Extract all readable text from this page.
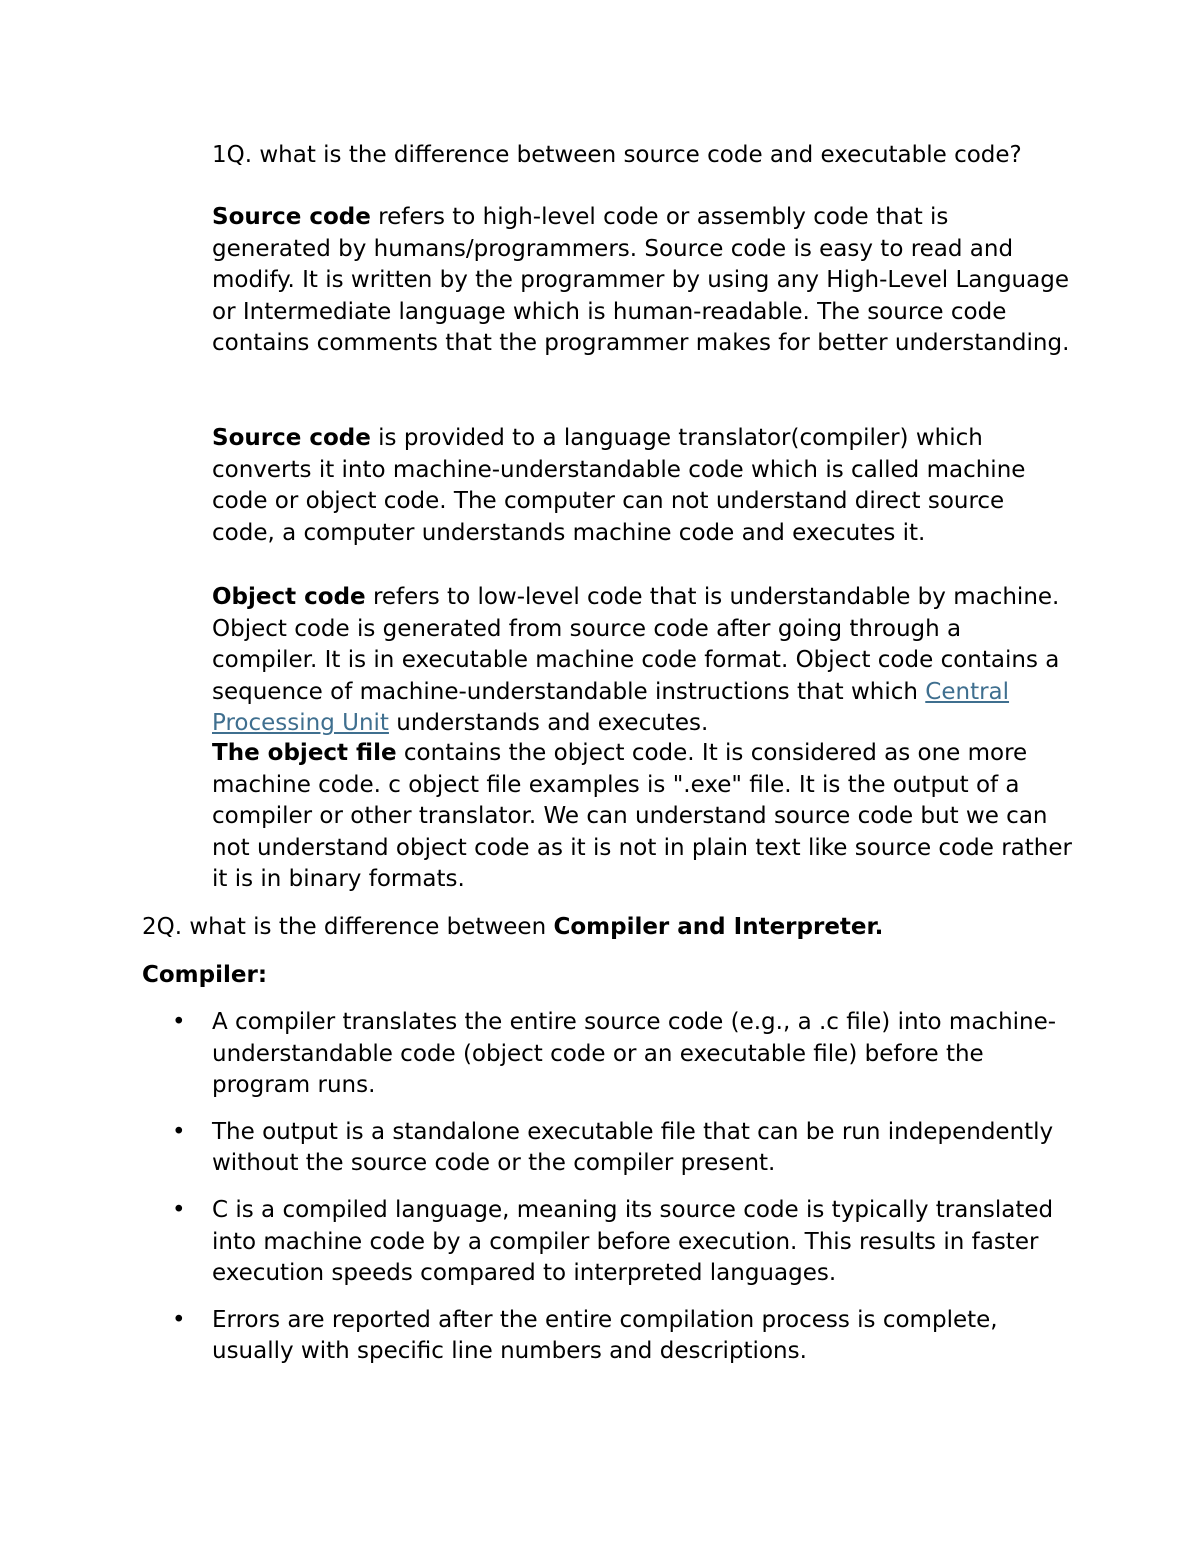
1Q. what is the difference between source code and executable code?

Source code refers to high-level code or assembly code that is generated by humans/programmers. Source code is easy to read and modify. It is written by the programmer by using any High-Level Language or Intermediate language which is human-readable. The source code contains comments that the programmer makes for better understanding.

Source code is provided to a language translator(compiler) which converts it into machine-understandable code which is called machine code or object code. The computer can not understand direct source code, a computer understands machine code and executes it.

Object code refers to low-level code that is understandable by machine. Object code is generated from source code after going through a compiler. It is in executable machine code format. Object code contains a sequence of machine-understandable instructions that which Central Processing Unit understands and executes.

The object file contains the object code. It is considered as one more machine code. c object file examples is ".exe" file. It is the output of a compiler or other translator. We can understand source code but we can not understand object code as it is not in plain text like source code rather it is in binary formats.

2Q. what is the difference between Compiler and Interpreter.

Compiler:

• A compiler translates the entire source code (e.g., a .c file) into machine-understandable code (object code or an executable file) before the program runs.
• The output is a standalone executable file that can be run independently without the source code or the compiler present.
• C is a compiled language, meaning its source code is typically translated into machine code by a compiler before execution. This results in faster execution speeds compared to interpreted languages.
• Errors are reported after the entire compilation process is complete, usually with specific line numbers and descriptions.
